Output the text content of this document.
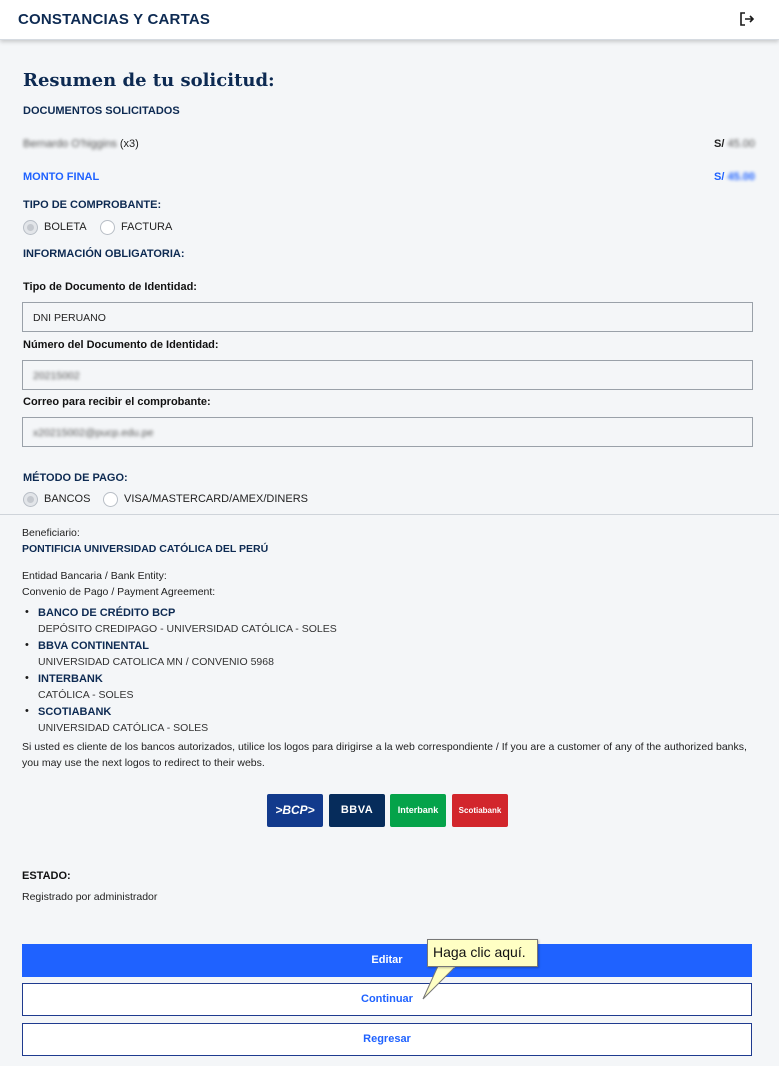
CONSTANCIAS Y CARTAS
Resumen de tu solicitud:
DOCUMENTOS SOLICITADOS
Bernardo O'higgins (x3)	S/ 45.00
MONTO FINAL	S/ 45.00
TIPO DE COMPROBANTE:
BOLETA	FACTURA
INFORMACIÓN OBLIGATORIA:
Tipo de Documento de Identidad:
DNI PERUANO
Número del Documento de Identidad:
20215002
Correo para recibir el comprobante:
x20215002@pucp.edu.pe
MÉTODO DE PAGO:
BANCOS	VISA/MASTERCARD/AMEX/DINERS
Beneficiario:
PONTIFICIA UNIVERSIDAD CATÓLICA DEL PERÚ
Entidad Bancaria / Bank Entity:
Convenio de Pago / Payment Agreement:
• BANCO DE CRÉDITO BCP
DEPÓSITO CREDIPAGO - UNIVERSIDAD CATÓLICA - SOLES
• BBVA CONTINENTAL
UNIVERSIDAD CATOLICA MN / CONVENIO 5968
• INTERBANK
CATÓLICA - SOLES
• SCOTIABANK
UNIVERSIDAD CATÓLICA - SOLES
Si usted es cliente de los bancos autorizados, utilice los logos para dirigirse a la web correspondiente / If you are a customer of any of the authorized banks, you may use the next logos to redirect to their webs.
>BCP>	BBVA	Interbank	Scotiabank
ESTADO:
Registrado por administrador
Editar
Continuar
Regresar
Haga clic aquí.
